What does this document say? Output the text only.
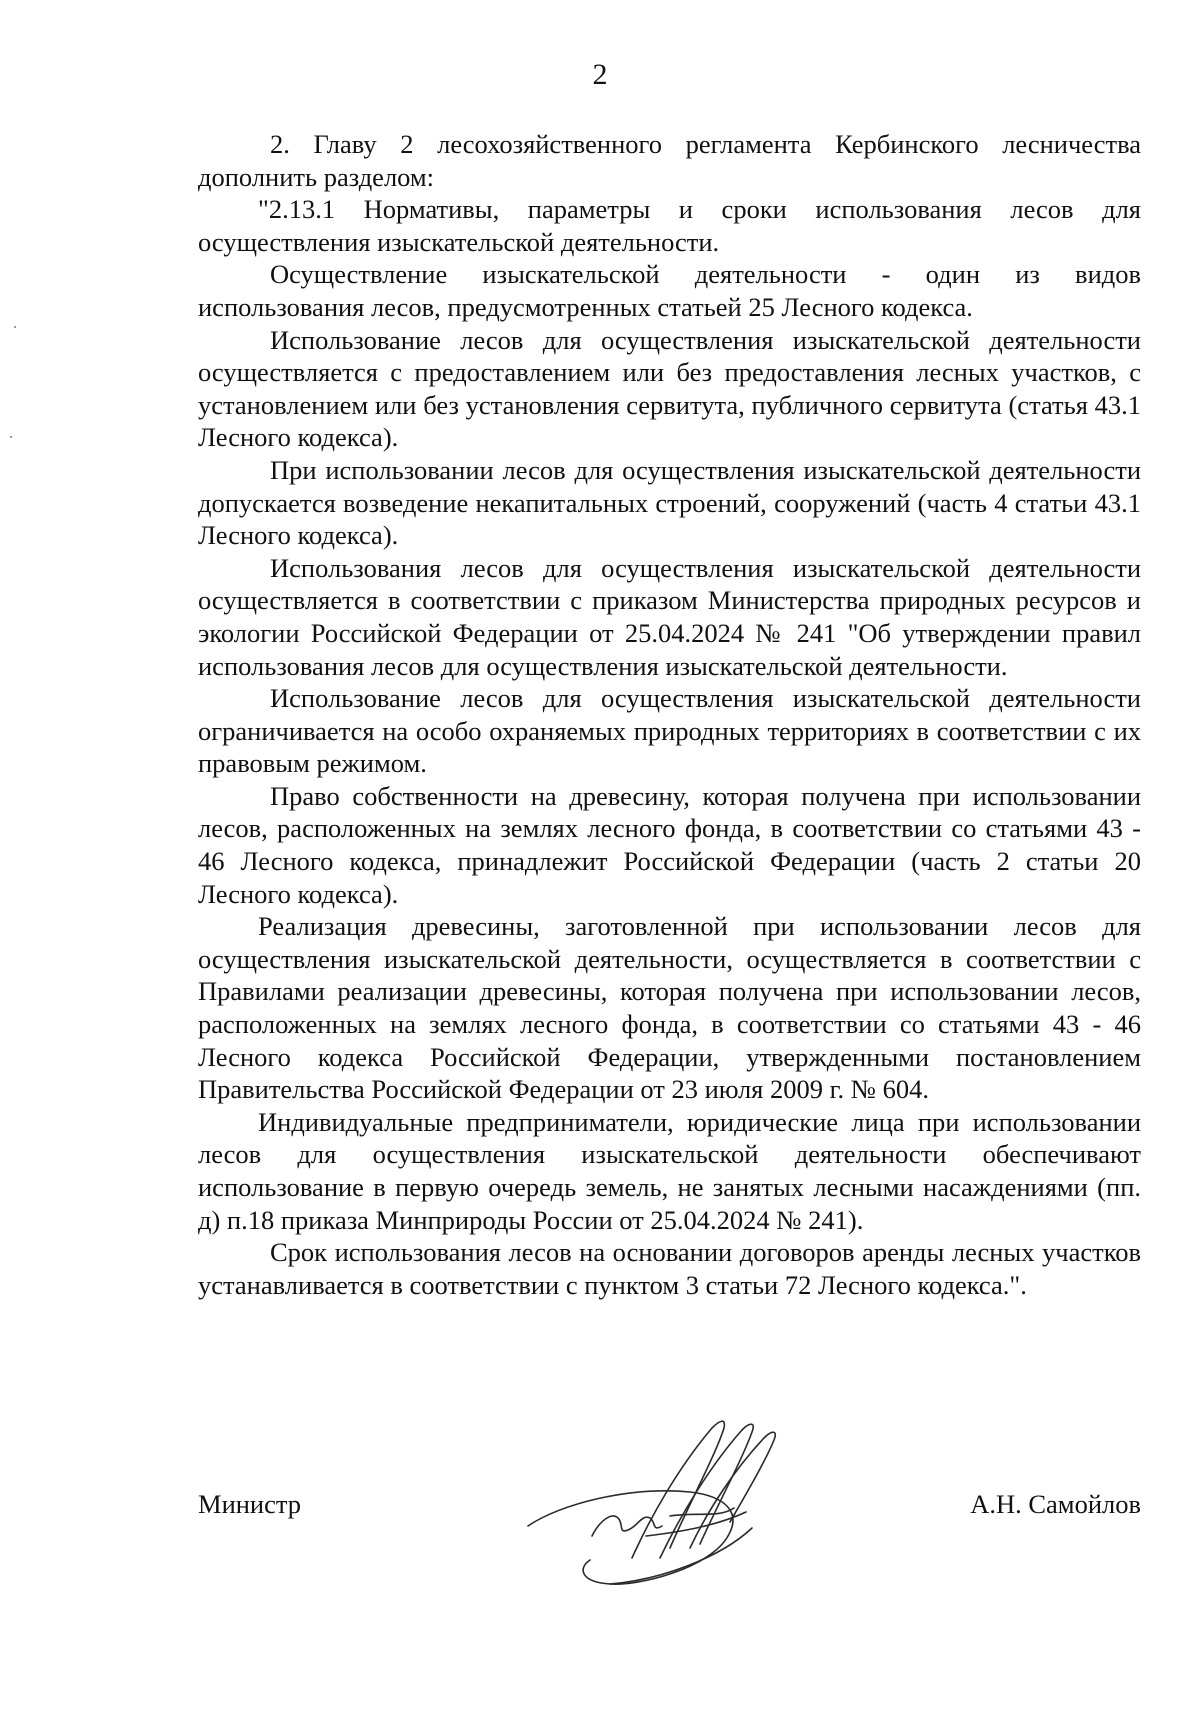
2

2. Главу 2 лесохозяйственного регламента Кербинского лесничества дополнить разделом:

"2.13.1 Нормативы, параметры и сроки использования лесов для осуществления изыскательской деятельности.

Осуществление изыскательской деятельности - один из видов использования лесов, предусмотренных статьей 25 Лесного кодекса.

Использование лесов для осуществления изыскательской деятельности осуществляется с предоставлением или без предоставления лесных участков, с установлением или без установления сервитута, публичного сервитута (статья 43.1 Лесного кодекса).

При использовании лесов для осуществления изыскательской деятельности допускается возведение некапитальных строений, сооружений (часть 4 статьи 43.1 Лесного кодекса).

Использования лесов для осуществления изыскательской деятельности осуществляется в соответствии с приказом Министерства природных ресурсов и экологии Российской Федерации от 25.04.2024 № 241 "Об утверждении правил использования лесов для осуществления изыскательской деятельности.

Использование лесов для осуществления изыскательской деятельности ограничивается на особо охраняемых природных территориях в соответствии с их правовым режимом.

Право собственности на древесину, которая получена при использовании лесов, расположенных на землях лесного фонда, в соответствии со статьями 43 - 46 Лесного кодекса, принадлежит Российской Федерации (часть 2 статьи 20 Лесного кодекса).

Реализация древесины, заготовленной при использовании лесов для осуществления изыскательской деятельности, осуществляется в соответствии с Правилами реализации древесины, которая получена при использовании лесов, расположенных на землях лесного фонда, в соответствии со статьями 43 - 46 Лесного кодекса Российской Федерации, утвержденными постановлением Правительства Российской Федерации от 23 июля 2009 г. № 604.

Индивидуальные предприниматели, юридические лица при использовании лесов для осуществления изыскательской деятельности обеспечивают использование в первую очередь земель, не занятых лесными насаждениями (пп. д) п.18 приказа Минприроды России от 25.04.2024 № 241).

Срок использования лесов на основании договоров аренды лесных участков устанавливается в соответствии с пунктом 3 статьи 72 Лесного кодекса.".

Министр	А.Н. Самойлов
